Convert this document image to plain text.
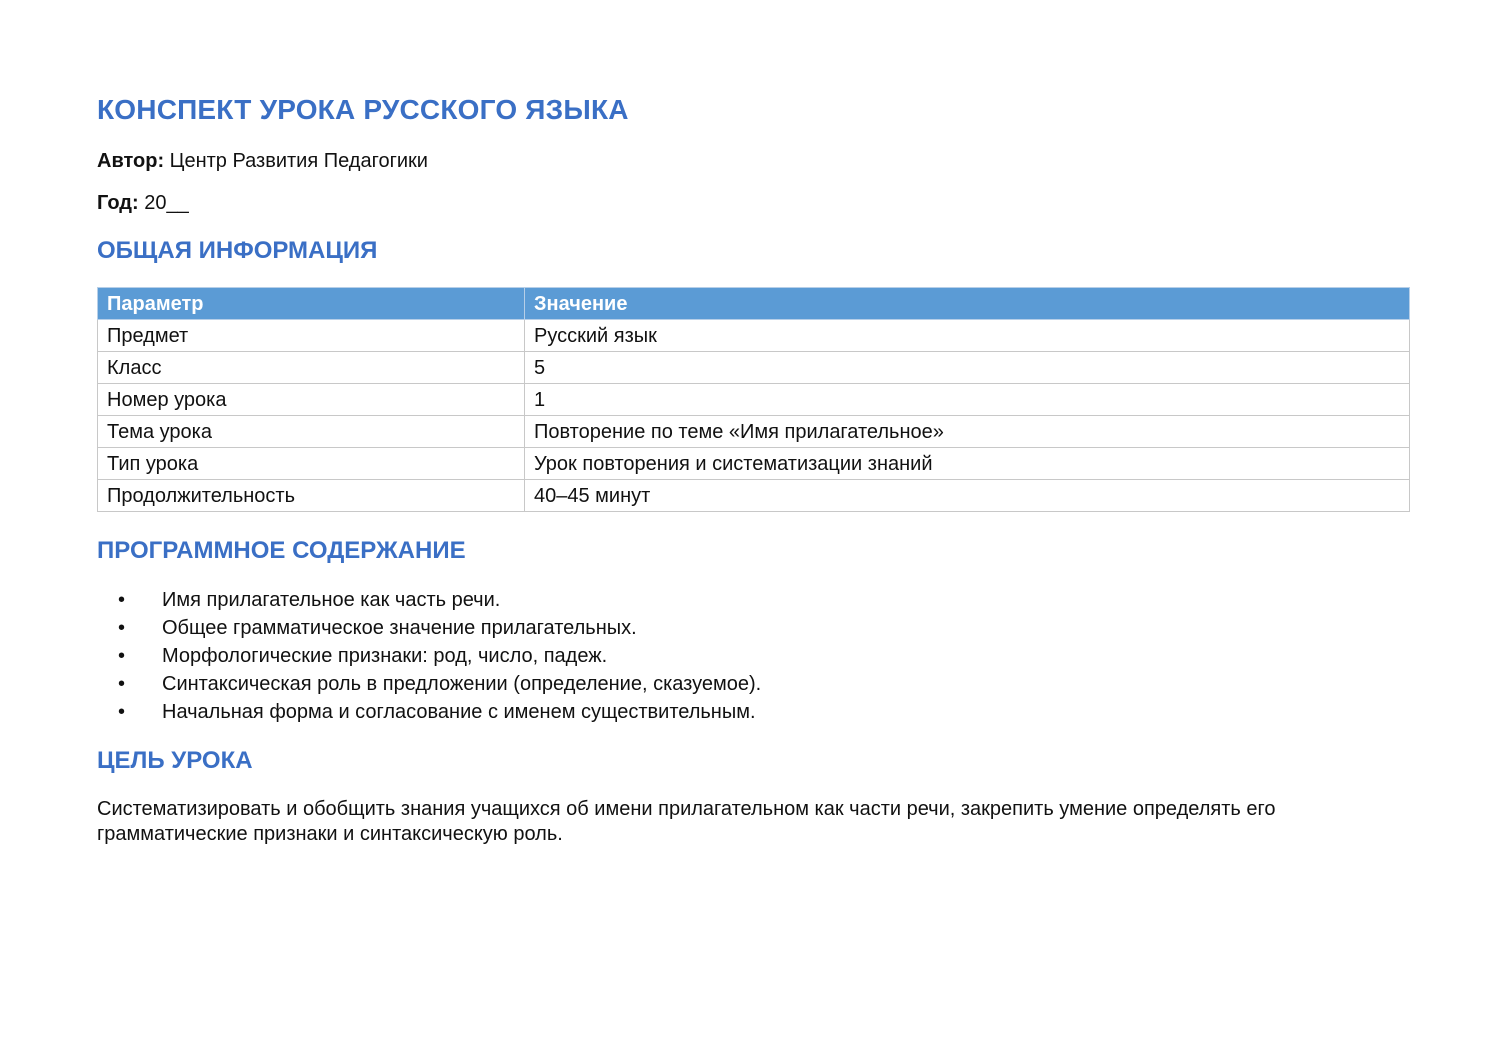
КОНСПЕКТ УРОКА РУССКОГО ЯЗЫКА

Автор: Центр Развития Педагогики

Год: 20__

ОБЩАЯ ИНФОРМАЦИЯ
Параметр	Значение
Предмет	Русский язык
Класс	5
Номер урока	1
Тема урока	Повторение по теме «Имя прилагательное»
Тип урока	Урок повторения и систематизации знаний
Продолжительность	40–45 минут
ПРОГРАММНОЕ СОДЕРЖАНИЕ
• Имя прилагательное как часть речи.
• Общее грамматическое значение прилагательных.
• Морфологические признаки: род, число, падеж.
• Синтаксическая роль в предложении (определение, сказуемое).
• Начальная форма и согласование с именем существительным.
ЦЕЛЬ УРОКА

Систематизировать и обобщить знания учащихся об имени прилагательном как части речи, закрепить умение определять его грамматические признаки и синтаксическую роль.
